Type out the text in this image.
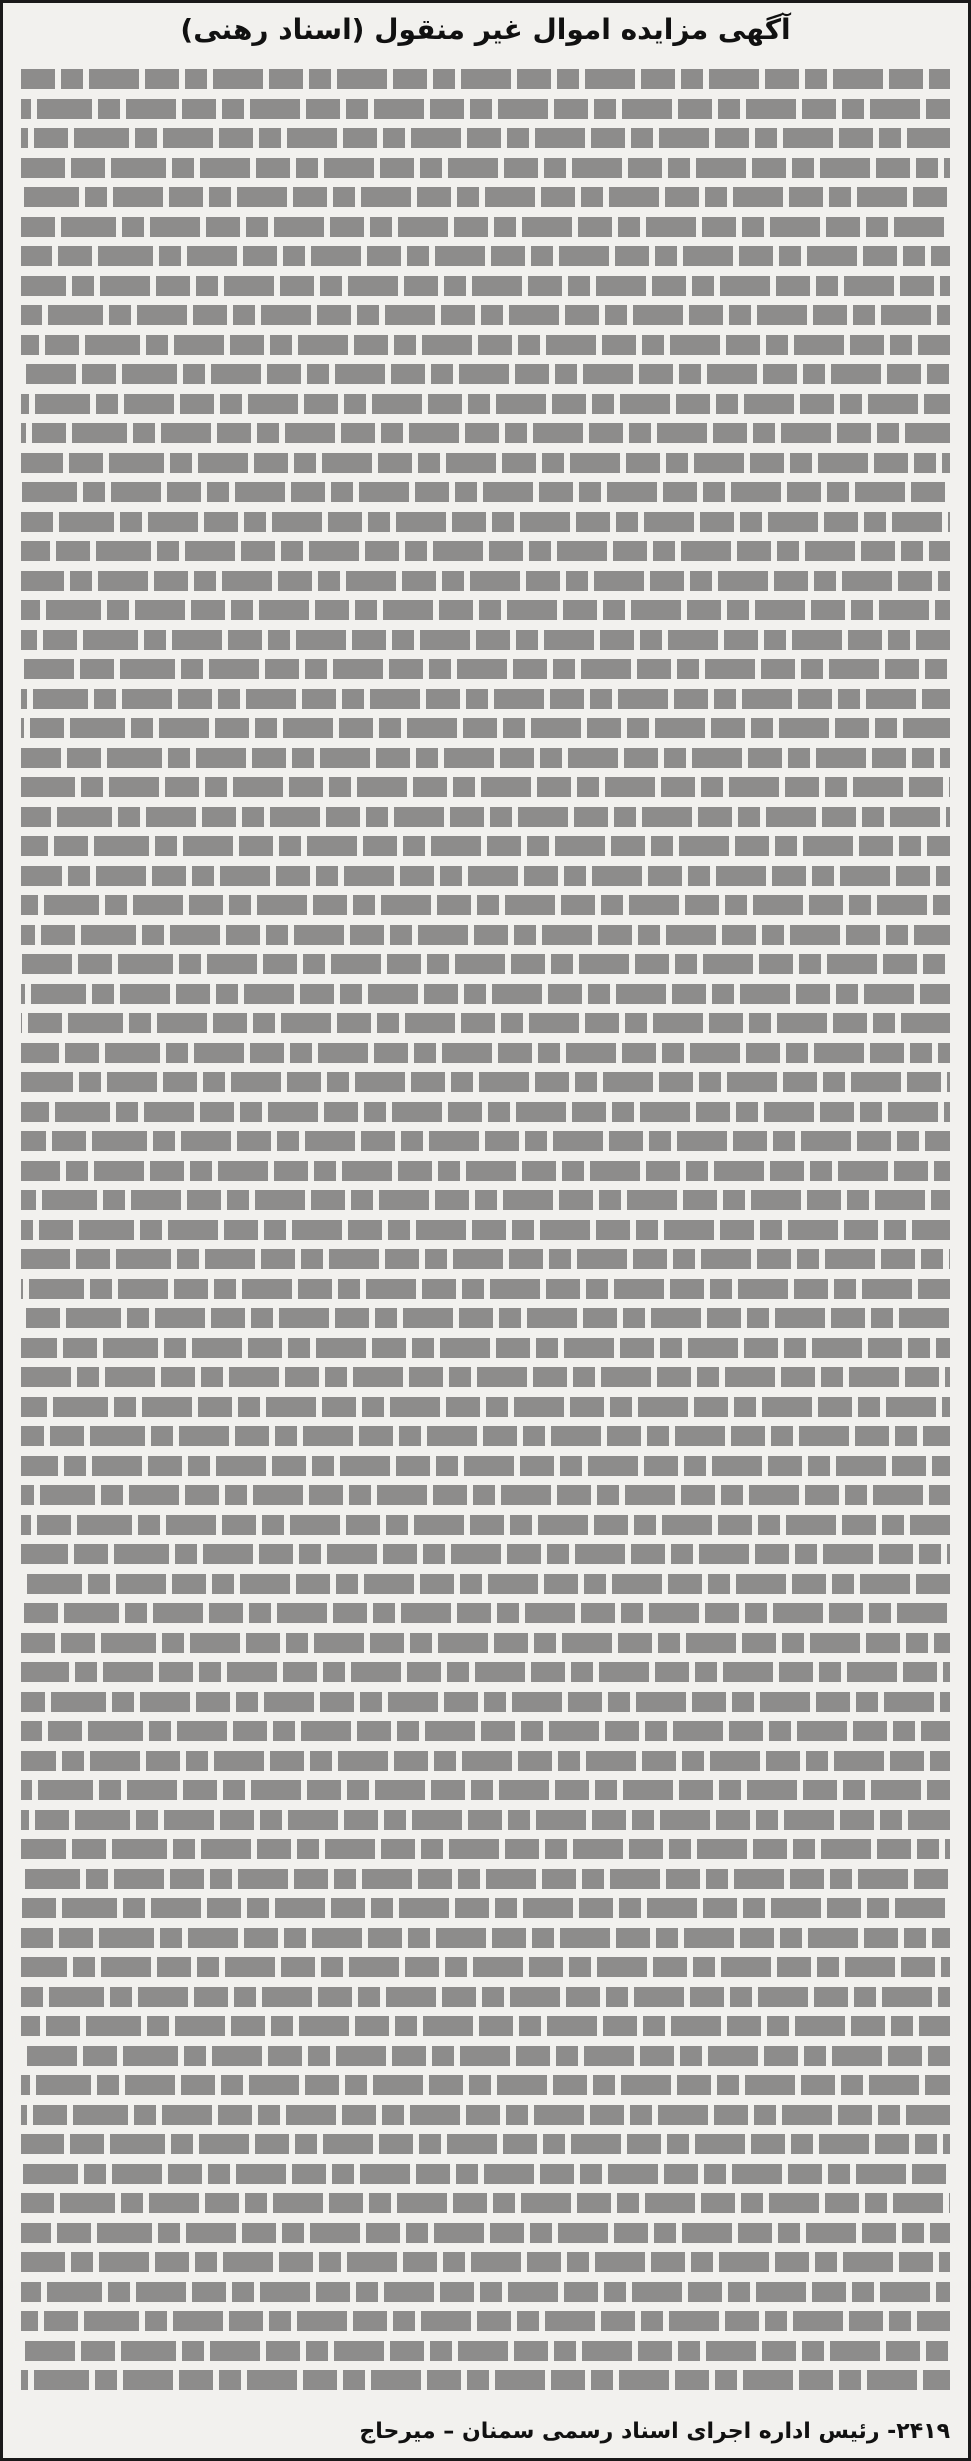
آگهی مزایده اموال غیر منقول (اسناد رهنی)
۲۴۱۹- رئیس اداره اجرای اسناد رسمی سمنان – میرحاج
